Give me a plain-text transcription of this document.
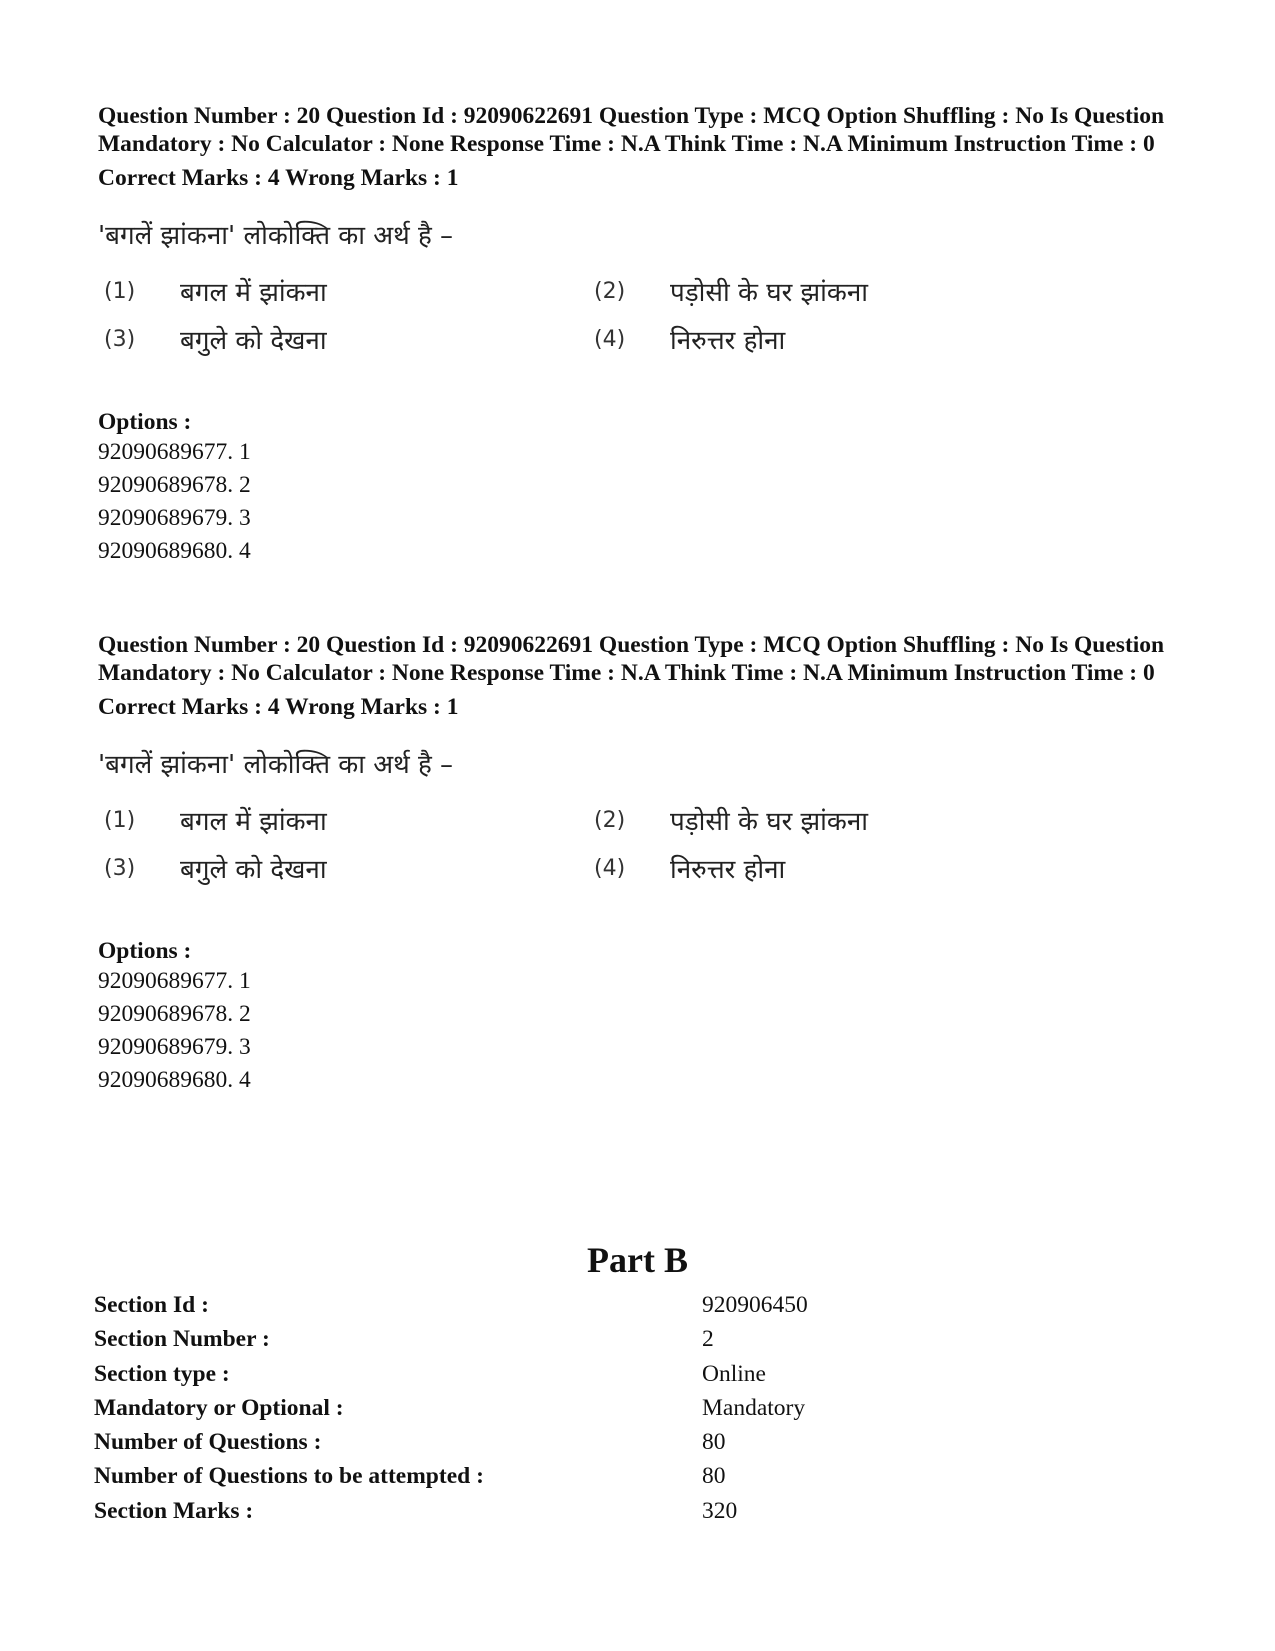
Question Number : 20 Question Id : 92090622691 Question Type : MCQ Option Shuffling : No Is Question Mandatory : No Calculator : None Response Time : N.A Think Time : N.A Minimum Instruction Time : 0

Correct Marks : 4 Wrong Marks : 1

'बगलें झांकना' लोकोक्ति का अर्थ है –
(1)	बगल में झांकना	(2)	पड़ोसी के घर झांकना
(3)	बगुले को देखना	(4)	निरुत्तर होना
Options :
92090689677. 1
92090689678. 2
92090689679. 3
92090689680. 4

Question Number : 20 Question Id : 92090622691 Question Type : MCQ Option Shuffling : No Is Question Mandatory : No Calculator : None Response Time : N.A Think Time : N.A Minimum Instruction Time : 0

Correct Marks : 4 Wrong Marks : 1

'बगलें झांकना' लोकोक्ति का अर्थ है –
(1)	बगल में झांकना	(2)	पड़ोसी के घर झांकना
(3)	बगुले को देखना	(4)	निरुत्तर होना
Options :
92090689677. 1
92090689678. 2
92090689679. 3
92090689680. 4
Part B
Section Id :	920906450
Section Number :	2
Section type :	Online
Mandatory or Optional :	Mandatory
Number of Questions :	80
Number of Questions to be attempted :	80
Section Marks :	320
